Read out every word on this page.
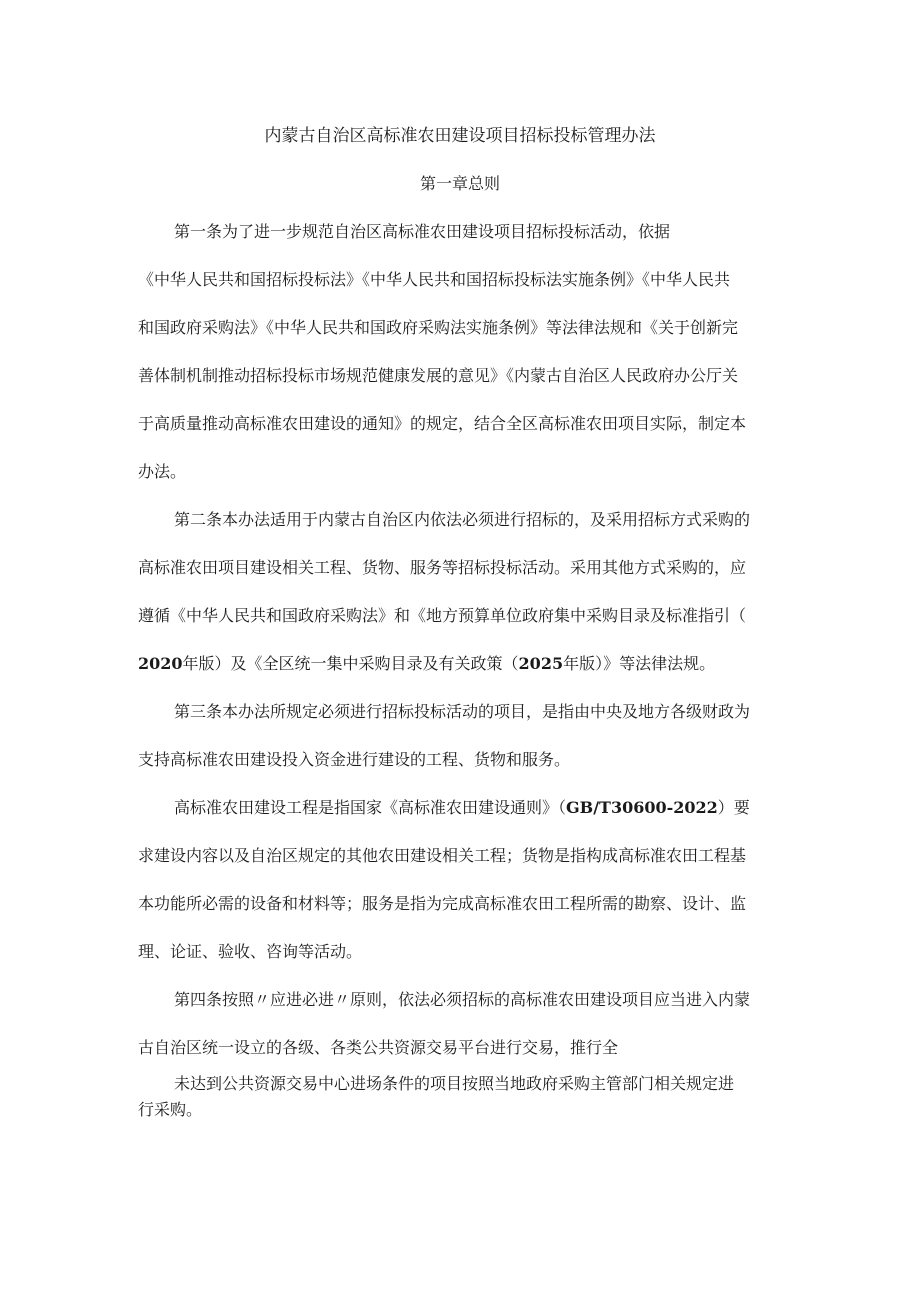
内蒙古自治区高标准农田建设项目招标投标管理办法
第一章总则
第一条为了进一步规范自治区高标准农田建设项目招标投标活动，依据
《中华人民共和国招标投标法》《中华人民共和国招标投标法实施条例》《中华人民共
和国政府采购法》《中华人民共和国政府采购法实施条例》等法律法规和《关于创新完
善体制机制推动招标投标市场规范健康发展的意见》《内蒙古自治区人民政府办公厅关
于高质量推动高标准农田建设的通知》的规定，结合全区高标准农田项目实际，制定本
办法。
第二条本办法适用于内蒙古自治区内依法必须进行招标的，及采用招标方式采购的
高标准农田项目建设相关工程、货物、服务等招标投标活动。采用其他方式采购的，应
遵循《中华人民共和国政府采购法》和《地方预算单位政府集中采购目录及标准指引（
2020年版）及《全区统一集中采购目录及有关政策（2025年版）》等法律法规。
第三条本办法所规定必须进行招标投标活动的项目，是指由中央及地方各级财政为
支持高标准农田建设投入资金进行建设的工程、货物和服务。
高标准农田建设工程是指国家《高标准农田建设通则》（GB/T30600-2022）要
求建设内容以及自治区规定的其他农田建设相关工程；货物是指构成高标准农田工程基
本功能所必需的设备和材料等；服务是指为完成高标准农田工程所需的勘察、设计、监
理、论证、验收、咨询等活动。
第四条按照〃应进必进〃原则，依法必须招标的高标准农田建设项目应当进入内蒙
古自治区统一设立的各级、各类公共资源交易平台进行交易，推行全
未达到公共资源交易中心进场条件的项目按照当地政府采购主管部门相关规定进
行采购。
